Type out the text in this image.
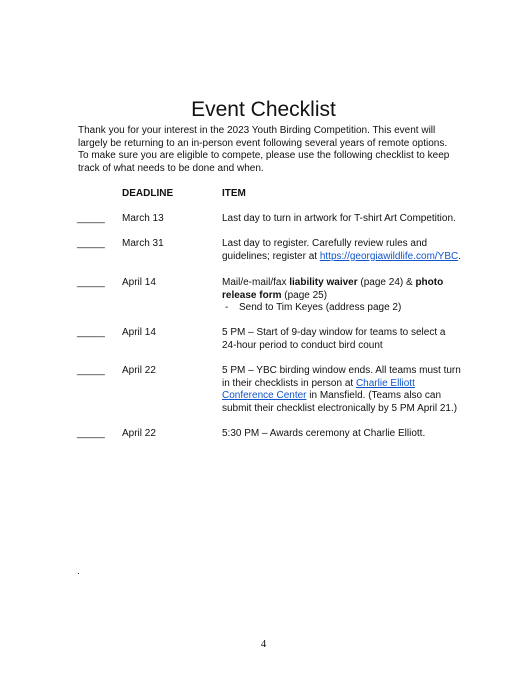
Event Checklist

Thank you for your interest in the 2023 Youth Birding Competition. This event will largely be returning to an in-person event following several years of remote options. To make sure you are eligible to compete, please use the following checklist to keep track of what needs to be done and when.

DEADLINE	ITEM
_____ March 13	Last day to turn in artwork for T-shirt Art Competition.
_____ March 31	Last day to register. Carefully review rules and guidelines; register at https://georgiawildlife.com/YBC.
_____ April 14	Mail/e-mail/fax liability waiver (page 24) & photo release form (page 25)
- Send to Tim Keyes (address page 2)
_____ April 14	5 PM – Start of 9-day window for teams to select a 24-hour period to conduct bird count
_____ April 22	5 PM – YBC birding window ends. All teams must turn in their checklists in person at Charlie Elliott Conference Center in Mansfield. (Teams also can submit their checklist electronically by 5 PM April 21.)
_____ April 22	5:30 PM – Awards ceremony at Charlie Elliott.
.
4
